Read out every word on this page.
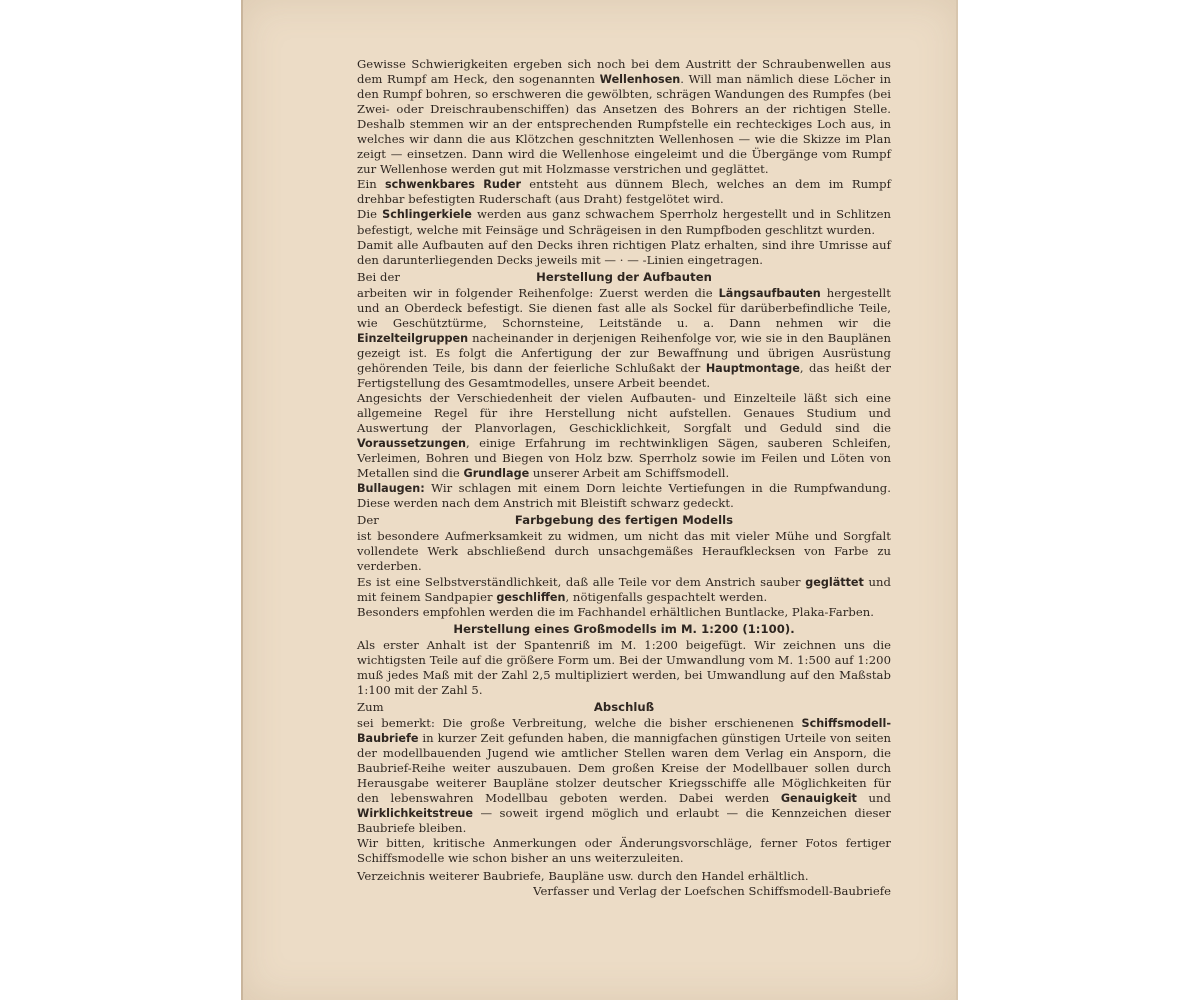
Gewisse Schwierigkeiten ergeben sich noch bei dem Austritt der Schraubenwellen aus dem Rumpf am Heck, den sogenannten Wellenhosen. Will man nämlich diese Löcher in den Rumpf bohren, so erschweren die gewölbten, schrägen Wandungen des Rumpfes (bei Zwei- oder Dreischraubenschiffen) das Ansetzen des Bohrers an der richtigen Stelle. Deshalb stemmen wir an der entsprechenden Rumpfstelle ein rechteckiges Loch aus, in welches wir dann die aus Klötzchen geschnitzten Wellenhosen — wie die Skizze im Plan zeigt — einsetzen. Dann wird die Wellenhose eingeleimt und die Übergänge vom Rumpf zur Wellenhose werden gut mit Holzmasse verstrichen und geglättet.

Ein schwenkbares Ruder entsteht aus dünnem Blech, welches an dem im Rumpf drehbar befestigten Ruderschaft (aus Draht) festgelötet wird.

Die Schlingerkiele werden aus ganz schwachem Sperrholz hergestellt und in Schlitzen befestigt, welche mit Feinsäge und Schrägeisen in den Rumpfboden geschlitzt wurden.

Damit alle Aufbauten auf den Decks ihren richtigen Platz erhalten, sind ihre Umrisse auf den darunterliegenden Decks jeweils mit — · — -Linien eingetragen.

Bei der	Herstellung der Aufbauten

arbeiten wir in folgender Reihenfolge: Zuerst werden die Längsaufbauten hergestellt und an Oberdeck befestigt. Sie dienen fast alle als Sockel für darüberbefindliche Teile, wie Geschütztürme, Schornsteine, Leitstände u. a. Dann nehmen wir die Einzelteilgruppen nacheinander in derjenigen Reihenfolge vor, wie sie in den Bauplänen gezeigt ist. Es folgt die Anfertigung der zur Bewaffnung und übrigen Ausrüstung gehörenden Teile, bis dann der feierliche Schlußakt der Hauptmontage, das heißt der Fertigstellung des Gesamtmodelles, unsere Arbeit beendet.

Angesichts der Verschiedenheit der vielen Aufbauten- und Einzelteile läßt sich eine allgemeine Regel für ihre Herstellung nicht aufstellen. Genaues Studium und Auswertung der Planvorlagen, Geschicklichkeit, Sorgfalt und Geduld sind die Voraussetzungen, einige Erfahrung im rechtwinkligen Sägen, sauberen Schleifen, Verleimen, Bohren und Biegen von Holz bzw. Sperrholz sowie im Feilen und Löten von Metallen sind die Grundlage unserer Arbeit am Schiffsmodell.

Bullaugen: Wir schlagen mit einem Dorn leichte Vertiefungen in die Rumpfwandung. Diese werden nach dem Anstrich mit Bleistift schwarz gedeckt.

Der	Farbgebung des fertigen Modells

ist besondere Aufmerksamkeit zu widmen, um nicht das mit vieler Mühe und Sorgfalt vollendete Werk abschließend durch unsachgemäßes Heraufklecksen von Farbe zu verderben.

Es ist eine Selbstverständlichkeit, daß alle Teile vor dem Anstrich sauber geglättet und mit feinem Sandpapier geschliffen, nötigenfalls gespachtelt werden.

Besonders empfohlen werden die im Fachhandel erhältlichen Buntlacke, Plaka-Farben.

Herstellung eines Großmodells im M. 1:200 (1:100).

Als erster Anhalt ist der Spantenriß im M. 1:200 beigefügt. Wir zeichnen uns die wichtigsten Teile auf die größere Form um. Bei der Umwandlung vom M. 1:500 auf 1:200 muß jedes Maß mit der Zahl 2,5 multipliziert werden, bei Umwandlung auf den Maßstab 1:100 mit der Zahl 5.

Zum	Abschluß

sei bemerkt: Die große Verbreitung, welche die bisher erschienenen Schiffsmodell-Baubriefe in kurzer Zeit gefunden haben, die mannigfachen günstigen Urteile von seiten der modellbauenden Jugend wie amtlicher Stellen waren dem Verlag ein Ansporn, die Baubrief-Reihe weiter auszubauen. Dem großen Kreise der Modellbauer sollen durch Herausgabe weiterer Baupläne stolzer deutscher Kriegsschiffe alle Möglichkeiten für den lebenswahren Modellbau geboten werden. Dabei werden Genauigkeit und Wirklichkeitstreue — soweit irgend möglich und erlaubt — die Kennzeichen dieser Baubriefe bleiben.

Wir bitten, kritische Anmerkungen oder Änderungsvorschläge, ferner Fotos fertiger Schiffsmodelle wie schon bisher an uns weiterzuleiten.

Verzeichnis weiterer Baubriefe, Baupläne usw. durch den Handel erhältlich.

Verfasser und Verlag der Loefschen Schiffsmodell-Baubriefe
